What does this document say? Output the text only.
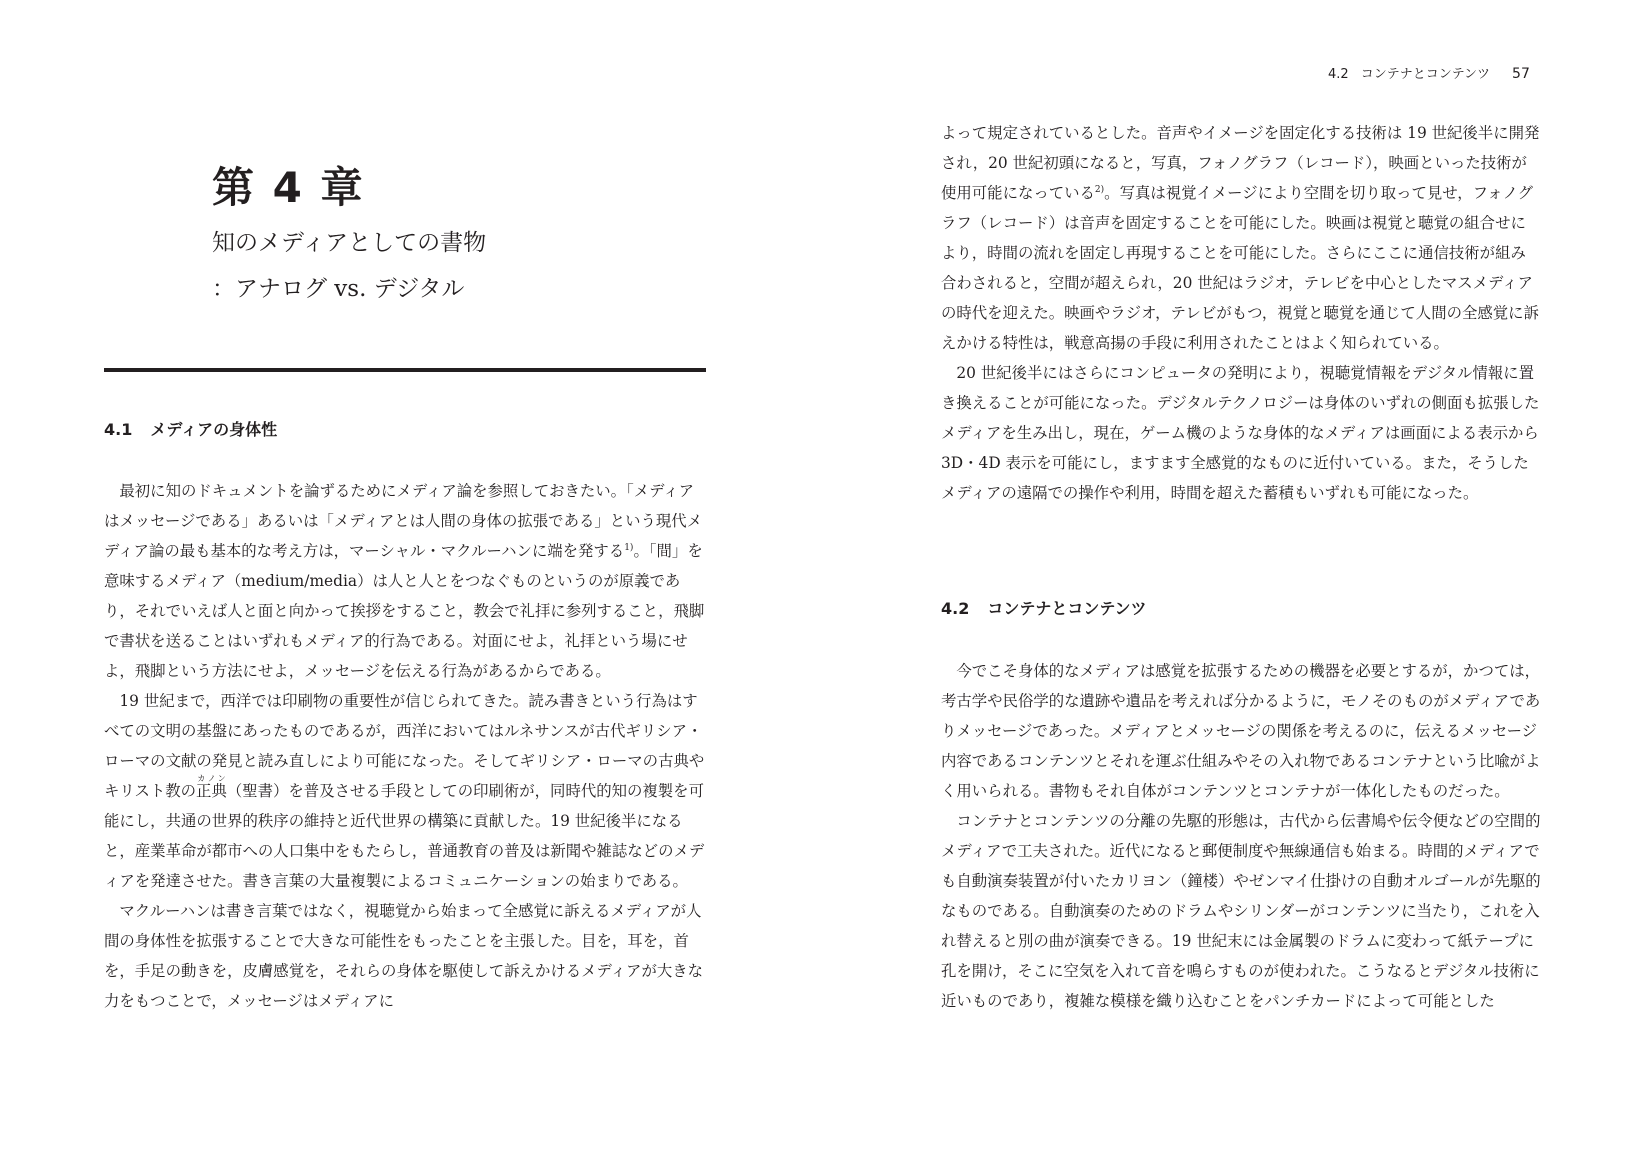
第 4 章
知のメディアとしての書物
：アナログ vs. デジタル
4.1 メディアの身体性

最初に知のドキュメントを論ずるためにメディア論を参照しておきたい。「メディアはメッセージである」あるいは「メディアとは人間の身体の拡張である」という現代メディア論の最も基本的な考え方は，マーシャル・マクルーハンに端を発する$^{1)}$。「間」を意味するメディア（medium/media）は人と人とをつなぐものというのが原義であり，それでいえば人と面と向かって挨拶をすること，教会で礼拝に参列すること，飛脚で書状を送ることはいずれもメディア的行為である。対面にせよ，礼拝という場にせよ，飛脚という方法にせよ，メッセージを伝える行為があるからである。

19 世紀まで，西洋では印刷物の重要性が信じられてきた。読み書きという行為はすべての文明の基盤にあったものであるが，西洋においてはルネサンスが古代ギリシア・ローマの文献の発見と読み直しにより可能になった。そしてギリシア・ローマの古典やキリスト教の正典カノン（聖書）を普及させる手段としての印刷術が，同時代的知の複製を可能にし，共通の世界的秩序の維持と近代世界の構築に貢献した。19 世紀後半になると，産業革命が都市への人口集中をもたらし，普通教育の普及は新聞や雑誌などのメディアを発達させた。書き言葉の大量複製によるコミュニケーションの始まりである。

マクルーハンは書き言葉ではなく，視聴覚から始まって全感覚に訴えるメディアが人間の身体性を拡張することで大きな可能性をもったことを主張した。目を，耳を，首を，手足の動きを，皮膚感覚を，それらの身体を駆使して訴えかけるメディアが大きな力をもつことで，メッセージはメディアに

4.2 コンテナとコンテンツ 57

よって規定されているとした。音声やイメージを固定化する技術は 19 世紀後半に開発され，20 世紀初頭になると，写真，フォノグラフ（レコード），映画といった技術が使用可能になっている$^{2)}$。写真は視覚イメージにより空間を切り取って見せ，フォノグラフ（レコード）は音声を固定することを可能にした。映画は視覚と聴覚の組合せにより，時間の流れを固定し再現することを可能にした。さらにここに通信技術が組み合わされると，空間が超えられ，20 世紀はラジオ，テレビを中心としたマスメディアの時代を迎えた。映画やラジオ，テレビがもつ，視覚と聴覚を通じて人間の全感覚に訴えかける特性は，戦意高揚の手段に利用されたことはよく知られている。

20 世紀後半にはさらにコンピュータの発明により，視聴覚情報をデジタル情報に置き換えることが可能になった。デジタルテクノロジーは身体のいずれの側面も拡張したメディアを生み出し，現在，ゲーム機のような身体的なメディアは画面による表示から 3D・4D 表示を可能にし，ますます全感覚的なものに近付いている。また，そうしたメディアの遠隔での操作や利用，時間を超えた蓄積もいずれも可能になった。

4.2 コンテナとコンテンツ

今でこそ身体的なメディアは感覚を拡張するための機器を必要とするが，かつては，考古学や民俗学的な遺跡や遺品を考えれば分かるように，モノそのものがメディアでありメッセージであった。メディアとメッセージの関係を考えるのに，伝えるメッセージ内容であるコンテンツとそれを運ぶ仕組みやその入れ物であるコンテナという比喩がよく用いられる。書物もそれ自体がコンテンツとコンテナが一体化したものだった。

コンテナとコンテンツの分離の先駆的形態は，古代から伝書鳩や伝令便などの空間的メディアで工夫された。近代になると郵便制度や無線通信も始まる。時間的メディアでも自動演奏装置が付いたカリヨン（鐘楼）やゼンマイ仕掛けの自動オルゴールが先駆的なものである。自動演奏のためのドラムやシリンダーがコンテンツに当たり，これを入れ替えると別の曲が演奏できる。19 世紀末には金属製のドラムに変わって紙テープに孔を開け，そこに空気を入れて音を鳴らすものが使われた。こうなるとデジタル技術に近いものであり，複雑な模様を織り込むことをパンチカードによって可能とした
